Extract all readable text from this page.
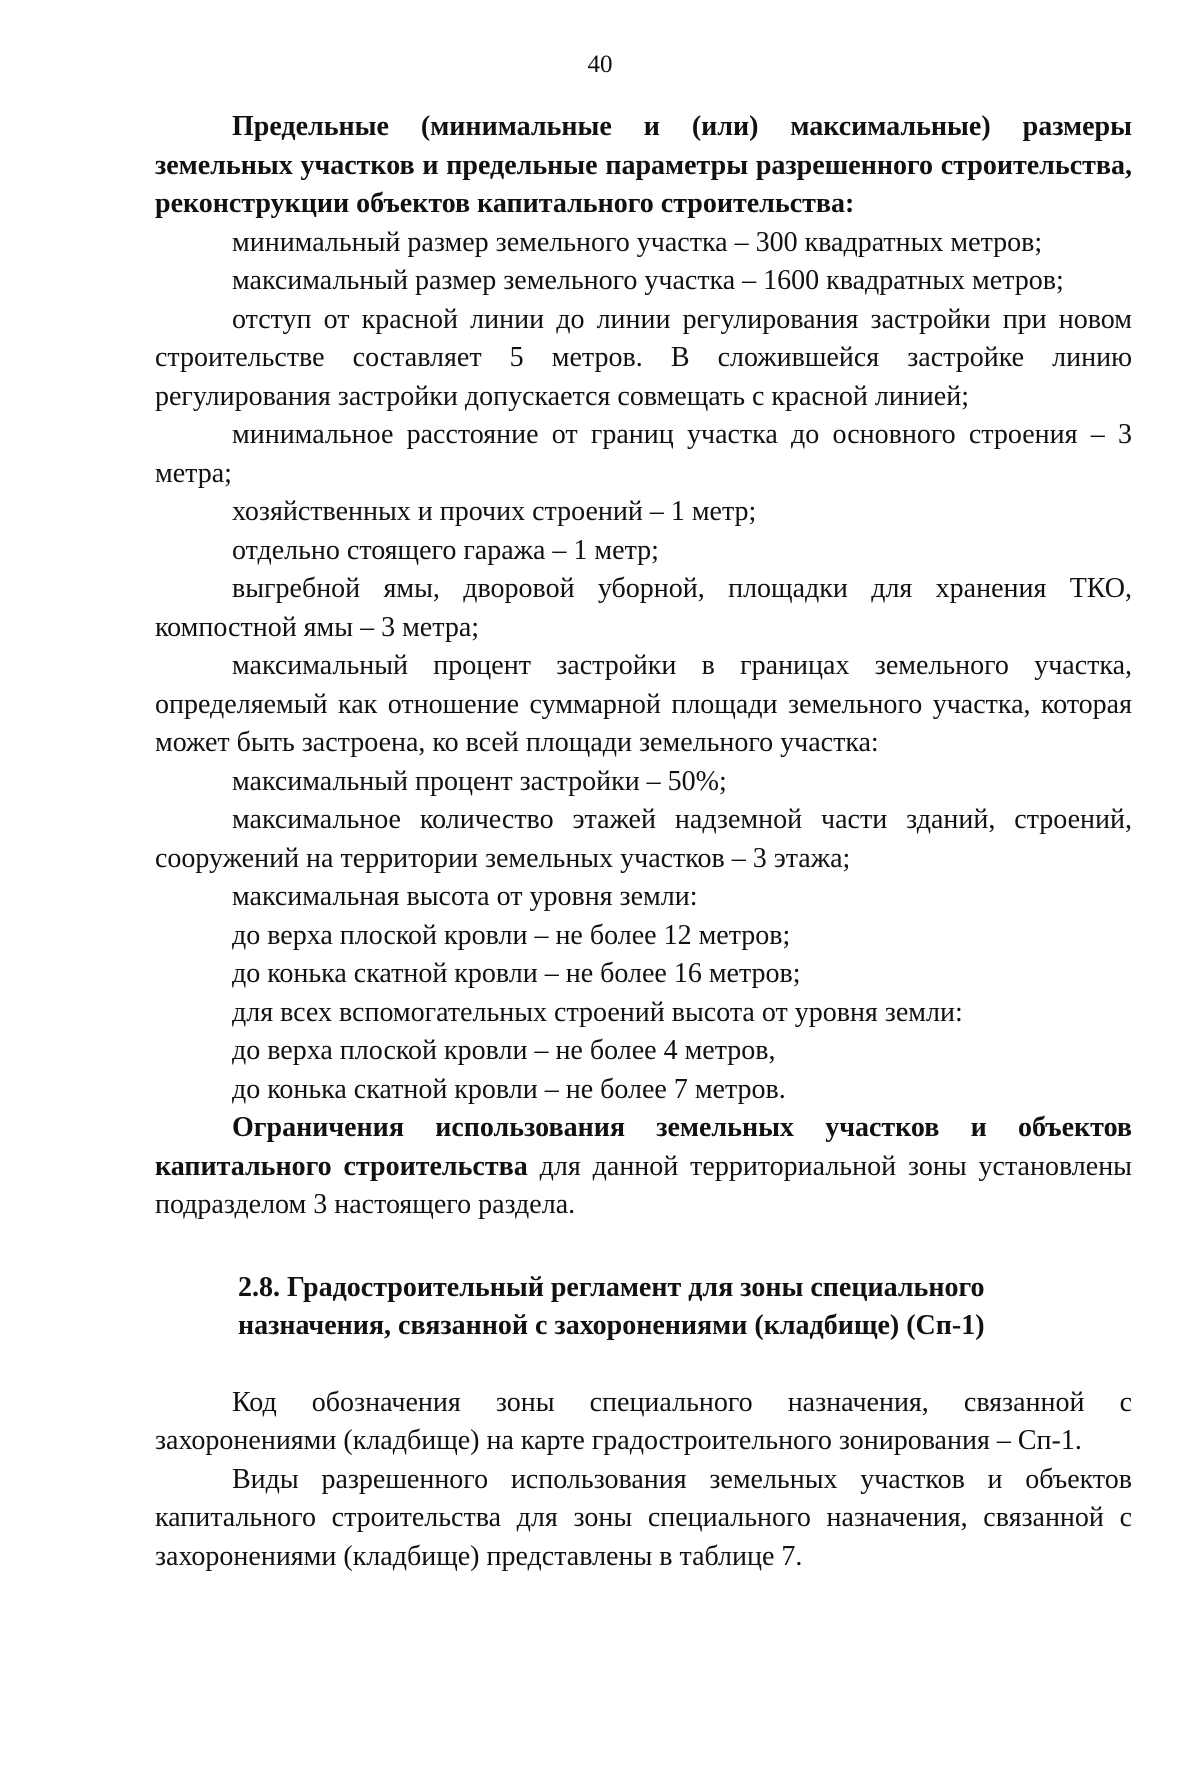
40

Предельные (минимальные и (или) максимальные) размеры земельных участков и предельные параметры разрешенного строительства, реконструкции объектов капитального строительства:

минимальный размер земельного участка – 300 квадратных метров;

максимальный размер земельного участка – 1600 квадратных метров;

отступ от красной линии до линии регулирования застройки при новом строительстве составляет 5 метров. В сложившейся застройке линию регулирования застройки допускается совмещать с красной линией;

минимальное расстояние от границ участка до основного строения – 3 метра;

хозяйственных и прочих строений – 1 метр;

отдельно стоящего гаража – 1 метр;

выгребной ямы, дворовой уборной, площадки для хранения ТКО, компостной ямы – 3 метра;

максимальный процент застройки в границах земельного участка, определяемый как отношение суммарной площади земельного участка, которая может быть застроена, ко всей площади земельного участка:

максимальный процент застройки – 50%;

максимальное количество этажей надземной части зданий, строений, сооружений на территории земельных участков – 3 этажа;

максимальная высота от уровня земли:

до верха плоской кровли – не более 12 метров;

до конька скатной кровли – не более 16 метров;

для всех вспомогательных строений высота от уровня земли:

до верха плоской кровли – не более 4 метров,

до конька скатной кровли – не более 7 метров.

Ограничения использования земельных участков и объектов капитального строительства для данной территориальной зоны установлены подразделом 3 настоящего раздела.

2.8. Градостроительный регламент для зоны специального
назначения, связанной с захоронениями (кладбище) (Сп-1)

Код обозначения зоны специального назначения, связанной с захоронениями (кладбище) на карте градостроительного зонирования – Сп-1.

Виды разрешенного использования земельных участков и объектов капитального строительства для зоны специального назначения, связанной с захоронениями (кладбище) представлены в таблице 7.
